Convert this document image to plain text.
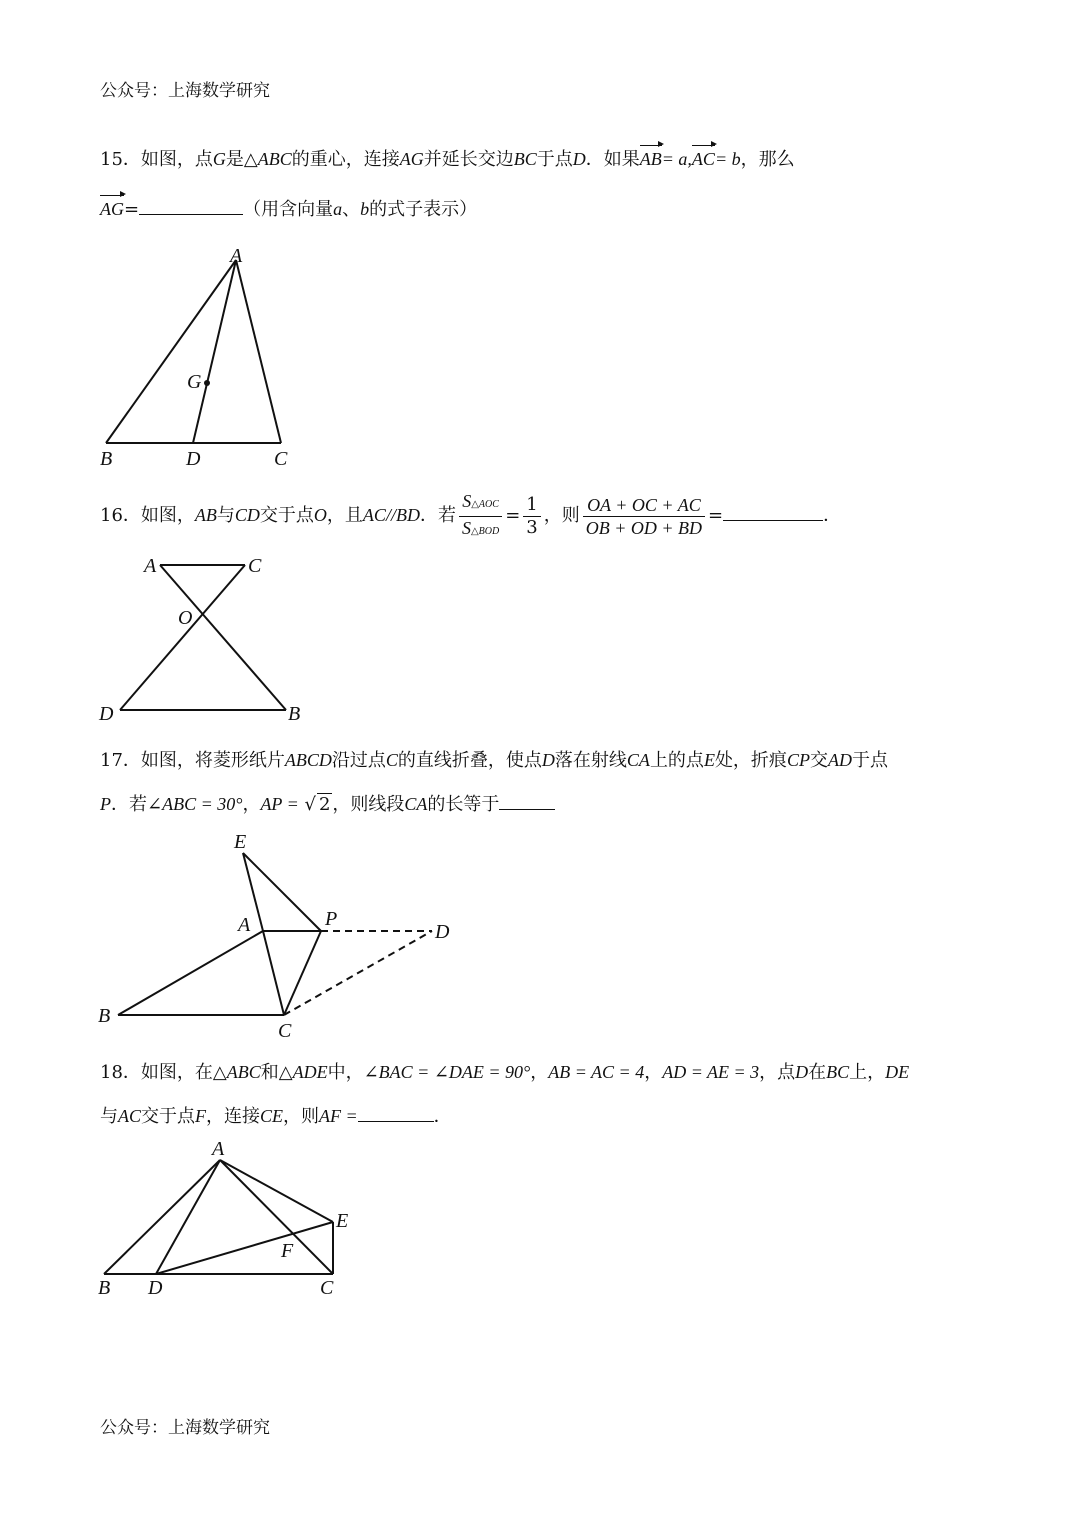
公众号：上海数学研究
15．如图，点G是△ABC的重心，连接AG并延长交边BC于点D．如果AB= a,AC= b，那么
AG=	（用含向量a、b的式子表示）
A
G
B	D	C
16．如图，AB与CD交于点O，且AC//BD．若 $\frac{\text{S△AOC}}{\text{S△BOD}} = \frac{1}{3}$ ，则 $\frac{OA + OC + AC}{OB + OD + BD}$ =	．
A	C
O
D	B
17．如图，将菱形纸片ABCD沿过点C的直线折叠，使点D落在射线CA上的点E处，折痕CP交AD于点
P．若∠ABC = 30°，AP = √ 2 ，则线段CA的长等于
E
A	P
D
B
C
18．如图，在△ABC和△ADE中，∠BAC = ∠DAE = 90°，AB = AC = 4，AD = AE = 3，点D在BC上，DE
与AC交于点F，连接CE，则AF =	．
A
E
F
B D	C
公众号：上海数学研究
